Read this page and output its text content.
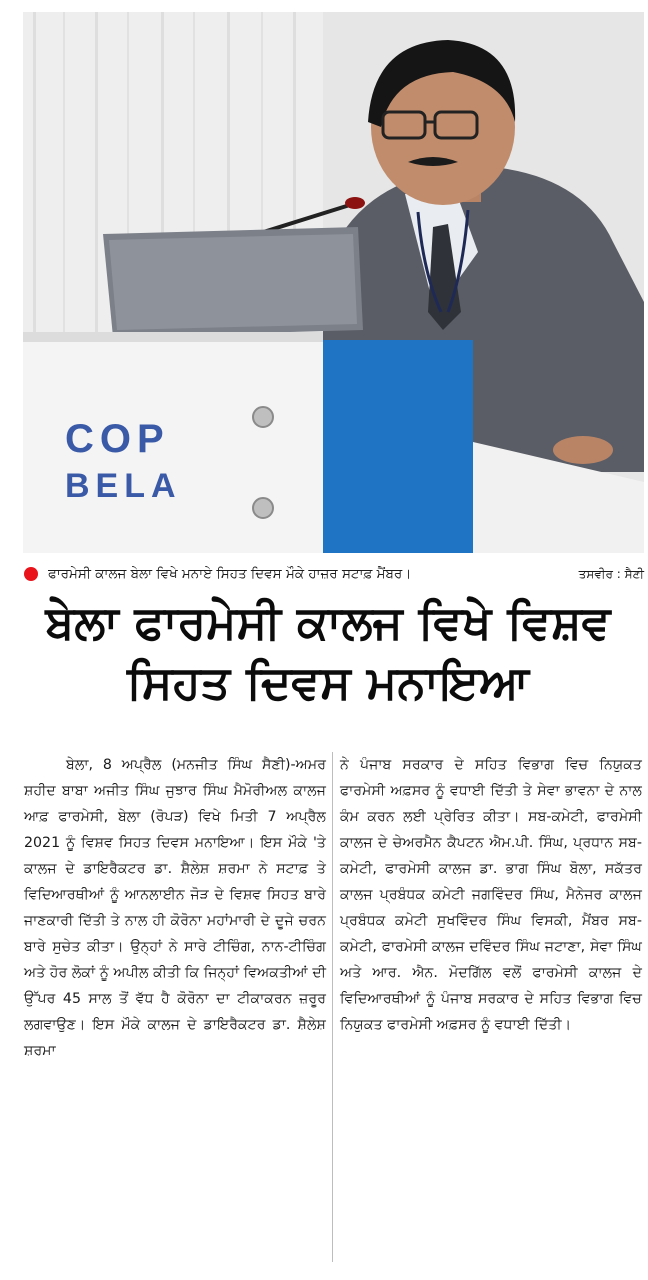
COP
BELA
ਫਾਰਮੇਸੀ ਕਾਲਜ ਬੇਲਾ ਵਿਖੇ ਮਨਾਏ ਸਿਹਤ ਦਿਵਸ ਮੌਕੇ ਹਾਜ਼ਰ ਸਟਾਫ਼ ਮੈਂਬਰ।	ਤਸਵੀਰ : ਸੈਣੀ
ਬੇਲਾ ਫਾਰਮੇਸੀ ਕਾਲਜ ਵਿਖੇ ਵਿਸ਼ਵ
ਸਿਹਤ ਦਿਵਸ ਮਨਾਇਆ
ਬੇਲਾ, 8 ਅਪ੍ਰੈਲ (ਮਨਜੀਤ ਸਿੰਘ ਸੈਣੀ)-ਅਮਰ ਸ਼ਹੀਦ ਬਾਬਾ ਅਜੀਤ ਸਿੰਘ ਜੁਝਾਰ ਸਿੰਘ ਮੈਮੋਰੀਅਲ ਕਾਲਜ ਆਫ਼ ਫਾਰਮੇਸੀ, ਬੇਲਾ (ਰੋਪੜ) ਵਿਖੇ ਮਿਤੀ 7 ਅਪ੍ਰੈਲ 2021 ਨੂੰ ਵਿਸ਼ਵ ਸਿਹਤ ਦਿਵਸ ਮਨਾਇਆ। ਇਸ ਮੌਕੇ 'ਤੇ ਕਾਲਜ ਦੇ ਡਾਇਰੈਕਟਰ ਡਾ. ਸ਼ੈਲੇਸ਼ ਸ਼ਰਮਾ ਨੇ ਸਟਾਫ਼ ਤੇ ਵਿਦਿਆਰਥੀਆਂ ਨੂੰ ਆਨਲਾਈਨ ਜੋੜ ਦੇ ਵਿਸ਼ਵ ਸਿਹਤ ਬਾਰੇ ਜਾਣਕਾਰੀ ਦਿੱਤੀ ਤੇ ਨਾਲ ਹੀ ਕੋਰੋਨਾ ਮਹਾਂਮਾਰੀ ਦੇ ਦੂਜੇ ਚਰਨ ਬਾਰੇ ਸੁਚੇਤ ਕੀਤਾ। ਉਨ੍ਹਾਂ ਨੇ ਸਾਰੇ ਟੀਚਿੰਗ, ਨਾਨ-ਟੀਚਿੰਗ ਅਤੇ ਹੋਰ ਲੋਕਾਂ ਨੂੰ ਅਪੀਲ ਕੀਤੀ ਕਿ ਜਿਨ੍ਹਾਂ ਵਿਅਕਤੀਆਂ ਦੀ ਉੱਪਰ 45 ਸਾਲ ਤੋਂ ਵੱਧ ਹੈ ਕੋਰੋਨਾ ਦਾ ਟੀਕਾਕਰਨ ਜ਼ਰੂਰ ਲਗਵਾਉਣ। ਇਸ ਮੌਕੇ ਕਾਲਜ ਦੇ ਡਾਇਰੈਕਟਰ ਡਾ. ਸ਼ੈਲੇਸ਼ ਸ਼ਰਮਾ
ਨੇ ਪੰਜਾਬ ਸਰਕਾਰ ਦੇ ਸਹਿਤ ਵਿਭਾਗ ਵਿਚ ਨਿਯੁਕਤ ਫਾਰਮੇਸੀ ਅਫ਼ਸਰ ਨੂੰ ਵਧਾਈ ਦਿੱਤੀ ਤੇ ਸੇਵਾ ਭਾਵਨਾ ਦੇ ਨਾਲ ਕੰਮ ਕਰਨ ਲਈ ਪ੍ਰੇਰਿਤ ਕੀਤਾ। ਸਬ-ਕਮੇਟੀ, ਫਾਰਮੇਸੀ ਕਾਲਜ ਦੇ ਚੇਅਰਮੈਨ ਕੈਪਟਨ ਐਮ.ਪੀ. ਸਿੰਘ, ਪ੍ਰਧਾਨ ਸਬ-ਕਮੇਟੀ, ਫਾਰਮੇਸੀ ਕਾਲਜ ਡਾ. ਭਾਗ ਸਿੰਘ ਬੋਲਾ, ਸਕੱਤਰ ਕਾਲਜ ਪ੍ਰਬੰਧਕ ਕਮੇਟੀ ਜਗਵਿੰਦਰ ਸਿੰਘ, ਮੈਨੇਜਰ ਕਾਲਜ ਪ੍ਰਬੰਧਕ ਕਮੇਟੀ ਸੁਖਵਿੰਦਰ ਸਿੰਘ ਵਿਸਕੀ, ਮੈਂਬਰ ਸਬ-ਕਮੇਟੀ, ਫਾਰਮੇਸੀ ਕਾਲਜ ਦਵਿੰਦਰ ਸਿੰਘ ਜਟਾਣਾ, ਸੇਵਾ ਸਿੰਘ ਅਤੇ ਆਰ. ਐਨ. ਮੋਦਗਿੱਲ ਵਲੋਂ ਫਾਰਮੇਸੀ ਕਾਲਜ ਦੇ ਵਿਦਿਆਰਥੀਆਂ ਨੂੰ ਪੰਜਾਬ ਸਰਕਾਰ ਦੇ ਸਹਿਤ ਵਿਭਾਗ ਵਿਚ ਨਿਯੁਕਤ ਫਾਰਮੇਸੀ ਅਫ਼ਸਰ ਨੂੰ ਵਧਾਈ ਦਿੱਤੀ।
